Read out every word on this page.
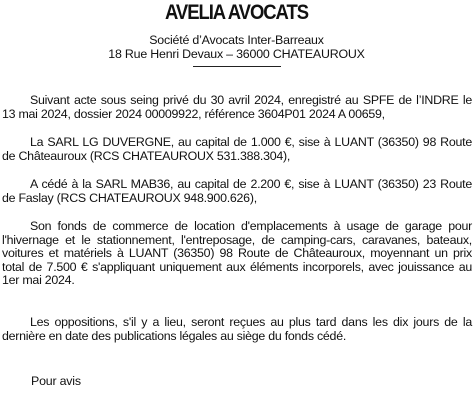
AVELIA AVOCATS
Société d’Avocats Inter-Barreaux
18 Rue Henri Devaux – 36000 CHATEAUROUX

Suivant acte sous seing privé du 30 avril 2024, enregistré au SPFE de l’INDRE le 13 mai 2024, dossier 2024 00009922, référence 3604P01 2024 A 00659,

La SARL LG DUVERGNE, au capital de 1.000 €, sise à LUANT (36350) 98 Route de Châteauroux (RCS CHATEAUROUX 531.388.304),

A cédé à la SARL MAB36, au capital de 2.200 €, sise à LUANT (36350) 23 Route de Faslay (RCS CHATEAUROUX 948.900.626),

Son fonds de commerce de location d'emplacements à usage de garage pour l'hivernage et le stationnement, l'entreposage, de camping-cars, caravanes, bateaux, voitures et matériels à LUANT (36350) 98 Route de Châteauroux, moyennant un prix total de 7.500 € s'appliquant uniquement aux éléments incorporels, avec jouissance au 1er mai 2024.

Les oppositions, s'il y a lieu, seront reçues au plus tard dans les dix jours de la dernière en date des publications légales au siège du fonds cédé.

Pour avis
